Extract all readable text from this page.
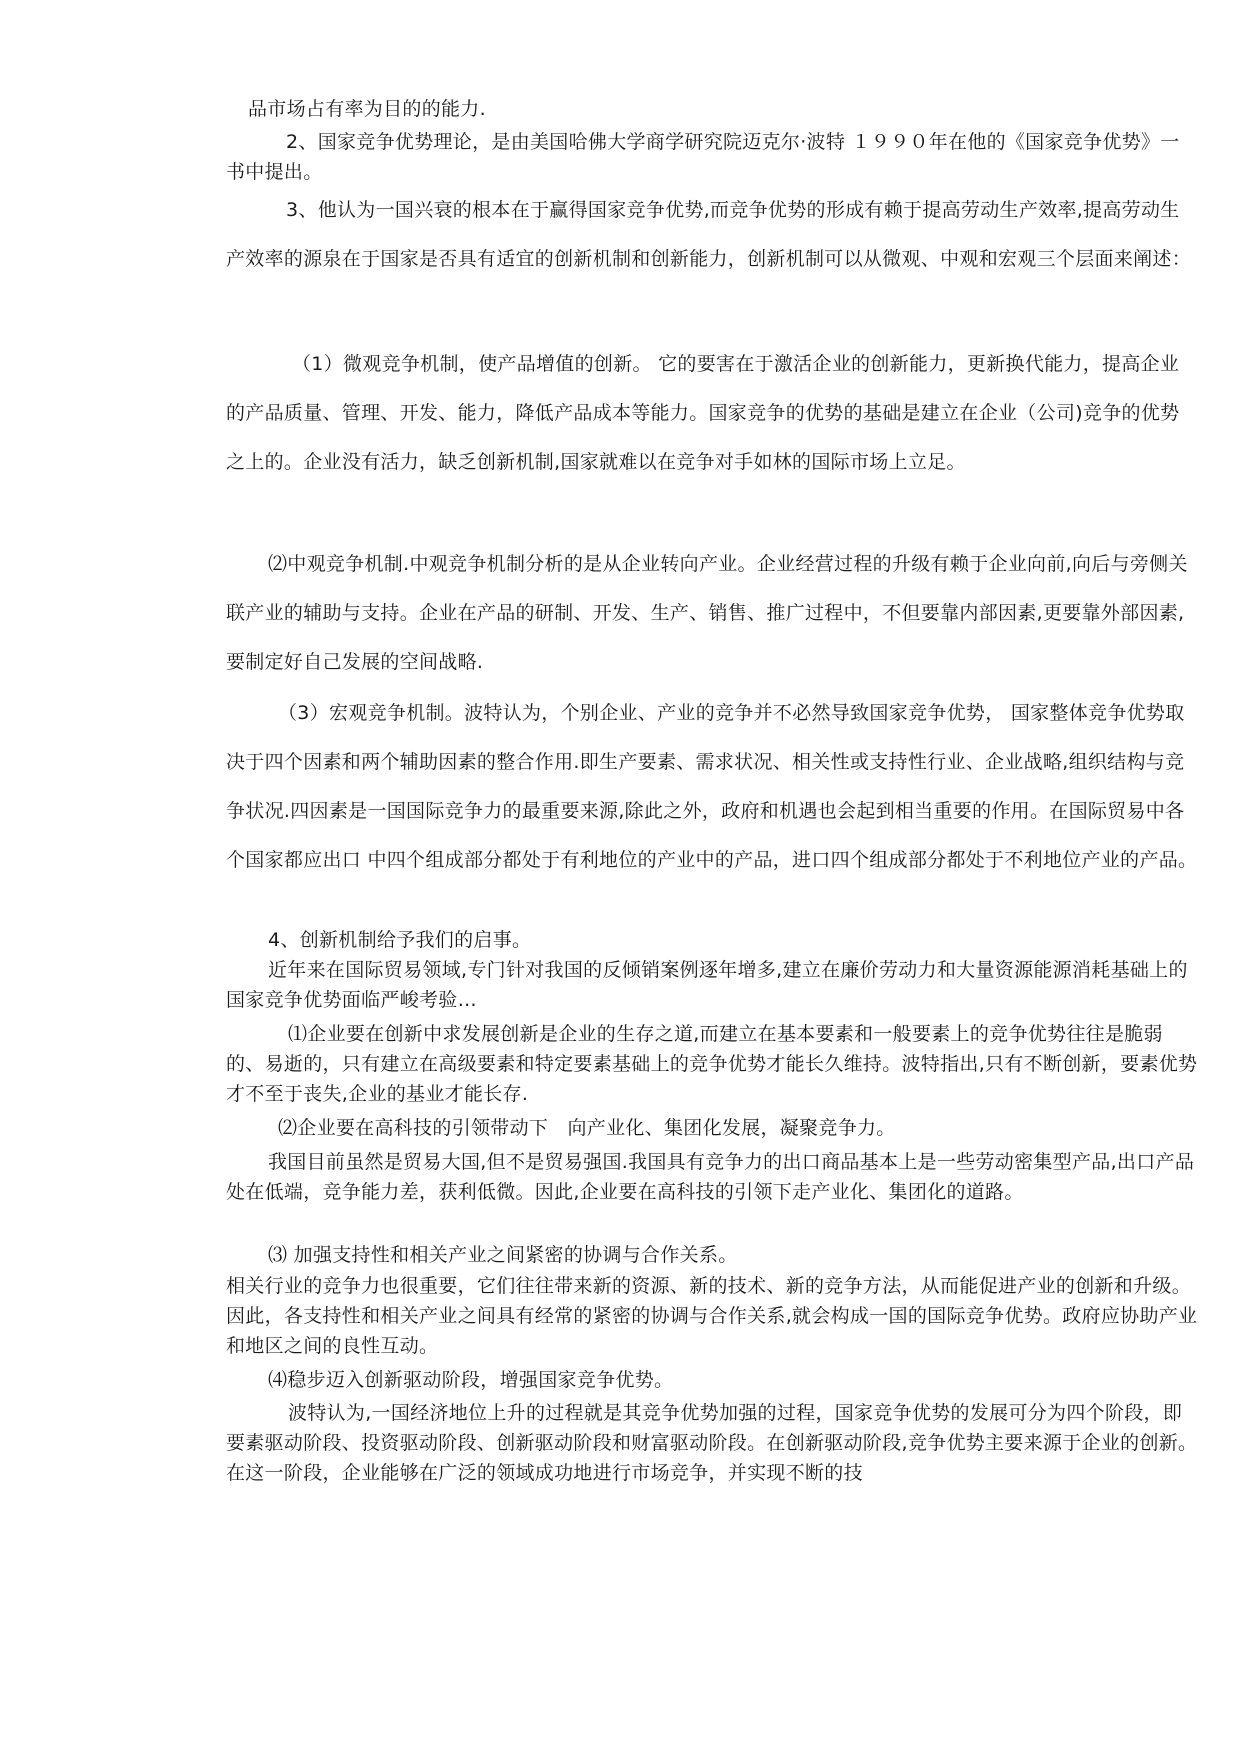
品市场占有率为目的的能力.

2、国家竞争优势理论，是由美国哈佛大学商学研究院迈克尔·波特 １９９０年在他的《国家竞争优势》一书中提出。

3、他认为一国兴衰的根本在于赢得国家竞争优势,而竞争优势的形成有赖于提高劳动生产效率,提高劳动生产效率的源泉在于国家是否具有适宜的创新机制和创新能力，创新机制可以从微观、中观和宏观三个层面来阐述：

（1）微观竞争机制，使产品增值的创新。 它的要害在于激活企业的创新能力，更新换代能力，提高企业的产品质量、管理、开发、能力，降低产品成本等能力。国家竞争的优势的基础是建立在企业（公司)竞争的优势之上的。企业没有活力，缺乏创新机制,国家就难以在竞争对手如林的国际市场上立足。

⑵中观竞争机制.中观竞争机制分析的是从企业转向产业。企业经营过程的升级有赖于企业向前,向后与旁侧关联产业的辅助与支持。企业在产品的研制、开发、生产、销售、推广过程中，不但要靠内部因素,更要靠外部因素,要制定好自己发展的空间战略.

（3）宏观竞争机制。波特认为，个别企业、产业的竞争并不必然导致国家竞争优势， 国家整体竞争优势取决于四个因素和两个辅助因素的整合作用.即生产要素、需求状况、相关性或支持性行业、企业战略,组织结构与竞争状况.四因素是一国国际竞争力的最重要来源,除此之外，政府和机遇也会起到相当重要的作用。在国际贸易中各个国家都应出口 中四个组成部分都处于有利地位的产业中的产品，进口四个组成部分都处于不利地位产业的产品。

4、创新机制给予我们的启事。

近年来在国际贸易领域,专门针对我国的反倾销案例逐年增多,建立在廉价劳动力和大量资源能源消耗基础上的国家竞争优势面临严峻考验…

⑴企业要在创新中求发展创新是企业的生存之道,而建立在基本要素和一般要素上的竞争优势往往是脆弱的、易逝的，只有建立在高级要素和特定要素基础上的竞争优势才能长久维持。波特指出,只有不断创新，要素优势才不至于丧失,企业的基业才能长存.

⑵企业要在高科技的引领带动下　向产业化、集团化发展，凝聚竞争力。

我国目前虽然是贸易大国,但不是贸易强国.我国具有竞争力的出口商品基本上是一些劳动密集型产品,出口产品处在低端，竞争能力差，获利低微。因此,企业要在高科技的引领下走产业化、集团化的道路。

⑶ 加强支持性和相关产业之间紧密的协调与合作关系。

相关行业的竞争力也很重要，它们往往带来新的资源、新的技术、新的竞争方法，从而能促进产业的创新和升级。因此，各支持性和相关产业之间具有经常的紧密的协调与合作关系,就会构成一国的国际竞争优势。政府应协助产业和地区之间的良性互动。

⑷稳步迈入创新驱动阶段，增强国家竞争优势。

波特认为,一国经济地位上升的过程就是其竞争优势加强的过程，国家竞争优势的发展可分为四个阶段，即要素驱动阶段、投资驱动阶段、创新驱动阶段和财富驱动阶段。在创新驱动阶段,竞争优势主要来源于企业的创新。在这一阶段，企业能够在广泛的领域成功地进行市场竞争，并实现不断的技
